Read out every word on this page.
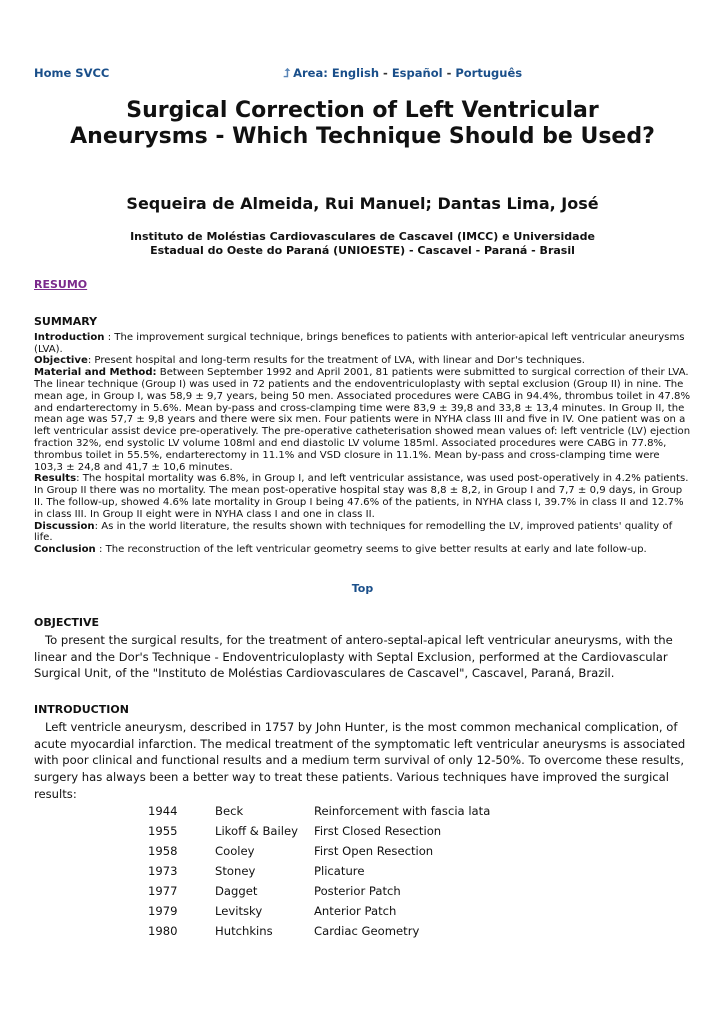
Home SVCC	⮥ Area: English - Español - Português
Surgical Correction of Left Ventricular Aneurysms - Which Technique Should be Used?

Sequeira de Almeida, Rui Manuel; Dantas Lima, José

Instituto de Moléstias Cardiovasculares de Cascavel (IMCC) e Universidade
Estadual do Oeste do Paraná (UNIOESTE) - Cascavel - Paraná - Brasil
RESUMO
SUMMARY

Introduction : The improvement surgical technique, brings benefices to patients with anterior-apical left ventricular aneurysms (LVA).

Objective: Present hospital and long-term results for the treatment of LVA, with linear and Dor's techniques.

Material and Method: Between September 1992 and April 2001, 81 patients were submitted to surgical correction of their LVA. The linear technique (Group I) was used in 72 patients and the endoventriculoplasty with septal exclusion (Group II) in nine. The mean age, in Group I, was 58,9 ± 9,7 years, being 50 men. Associated procedures were CABG in 94.4%, thrombus toilet in 47.8% and endarterectomy in 5.6%. Mean by-pass and cross-clamping time were 83,9 ± 39,8 and 33,8 ± 13,4 minutes. In Group II, the mean age was 57,7 ± 9,8 years and there were six men. Four patients were in NYHA class III and five in IV. One patient was on a left ventricular assist device pre-operatively. The pre-operative catheterisation showed mean values of: left ventricle (LV) ejection fraction 32%, end systolic LV volume 108ml and end diastolic LV volume 185ml. Associated procedures were CABG in 77.8%, thrombus toilet in 55.5%, endarterectomy in 11.1% and VSD closure in 11.1%. Mean by-pass and cross-clamping time were 103,3 ± 24,8 and 41,7 ± 10,6 minutes.

Results: The hospital mortality was 6.8%, in Group I, and left ventricular assistance, was used post-operatively in 4.2% patients. In Group II there was no mortality. The mean post-operative hospital stay was 8,8 ± 8,2, in Group I and 7,7 ± 0,9 days, in Group II. The follow-up, showed 4.6% late mortality in Group I being 47.6% of the patients, in NYHA class I, 39.7% in class II and 12.7% in class III. In Group II eight were in NYHA class I and one in class II.

Discussion: As in the world literature, the results shown with techniques for remodelling the LV, improved patients' quality of life.

Conclusion : The reconstruction of the left ventricular geometry seems to give better results at early and late follow-up.

Top
OBJECTIVE

To present the surgical results, for the treatment of antero-septal-apical left ventricular aneurysms, with the linear and the Dor's Technique - Endoventriculoplasty with Septal Exclusion, performed at the Cardiovascular Surgical Unit, of the "Instituto de Moléstias Cardiovasculares de Cascavel", Cascavel, Paraná, Brazil.

INTRODUCTION

Left ventricle aneurysm, described in 1757 by John Hunter, is the most common mechanical complication, of acute myocardial infarction. The medical treatment of the symptomatic left ventricular aneurysms is associated with poor clinical and functional results and a medium term survival of only 12-50%. To overcome these results, surgery has always been a better way to treat these patients. Various techniques have improved the surgical results:

1944	Beck	Reinforcement with fascia lata
1955	Likoff & Bailey	First Closed Resection
1958	Cooley	First Open Resection
1973	Stoney	Plicature
1977	Dagget	Posterior Patch
1979	Levitsky	Anterior Patch
1980	Hutchkins	Cardiac Geometry
